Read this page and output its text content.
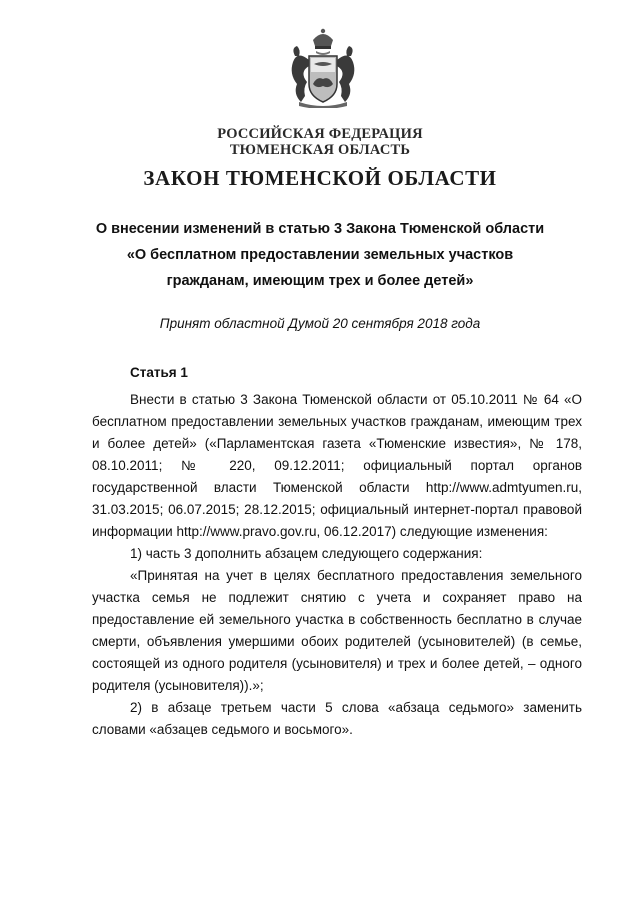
РОССИЙСКАЯ ФЕДЕРАЦИЯ
ТЮМЕНСКАЯ ОБЛАСТЬ
ЗАКОН ТЮМЕНСКОЙ ОБЛАСТИ
О внесении изменений в статью 3 Закона Тюменской области
«О бесплатном предоставлении земельных участков
гражданам, имеющим трех и более детей»
Принят областной Думой 20 сентября 2018 года
Статья 1

Внести в статью 3 Закона Тюменской области от 05.10.2011 № 64 «О бесплатном предоставлении земельных участков гражданам, имеющим трех и более детей» («Парламентская газета «Тюменские известия», № 178, 08.10.2011; № 220, 09.12.2011; официальный портал органов государственной власти Тюменской области http://www.admtyumen.ru, 31.03.2015; 06.07.2015; 28.12.2015; официальный интернет-портал правовой информации http://www.pravo.gov.ru, 06.12.2017) следующие изменения:

1) часть 3 дополнить абзацем следующего содержания:

«Принятая на учет в целях бесплатного предоставления земельного участка семья не подлежит снятию с учета и сохраняет право на предоставление ей земельного участка в собственность бесплатно в случае смерти, объявления умершими обоих родителей (усыновителей) (в семье, состоящей из одного родителя (усыновителя) и трех и более детей, – одного родителя (усыновителя)).»;

2) в абзаце третьем части 5 слова «абзаца седьмого» заменить словами «абзацев седьмого и восьмого».
